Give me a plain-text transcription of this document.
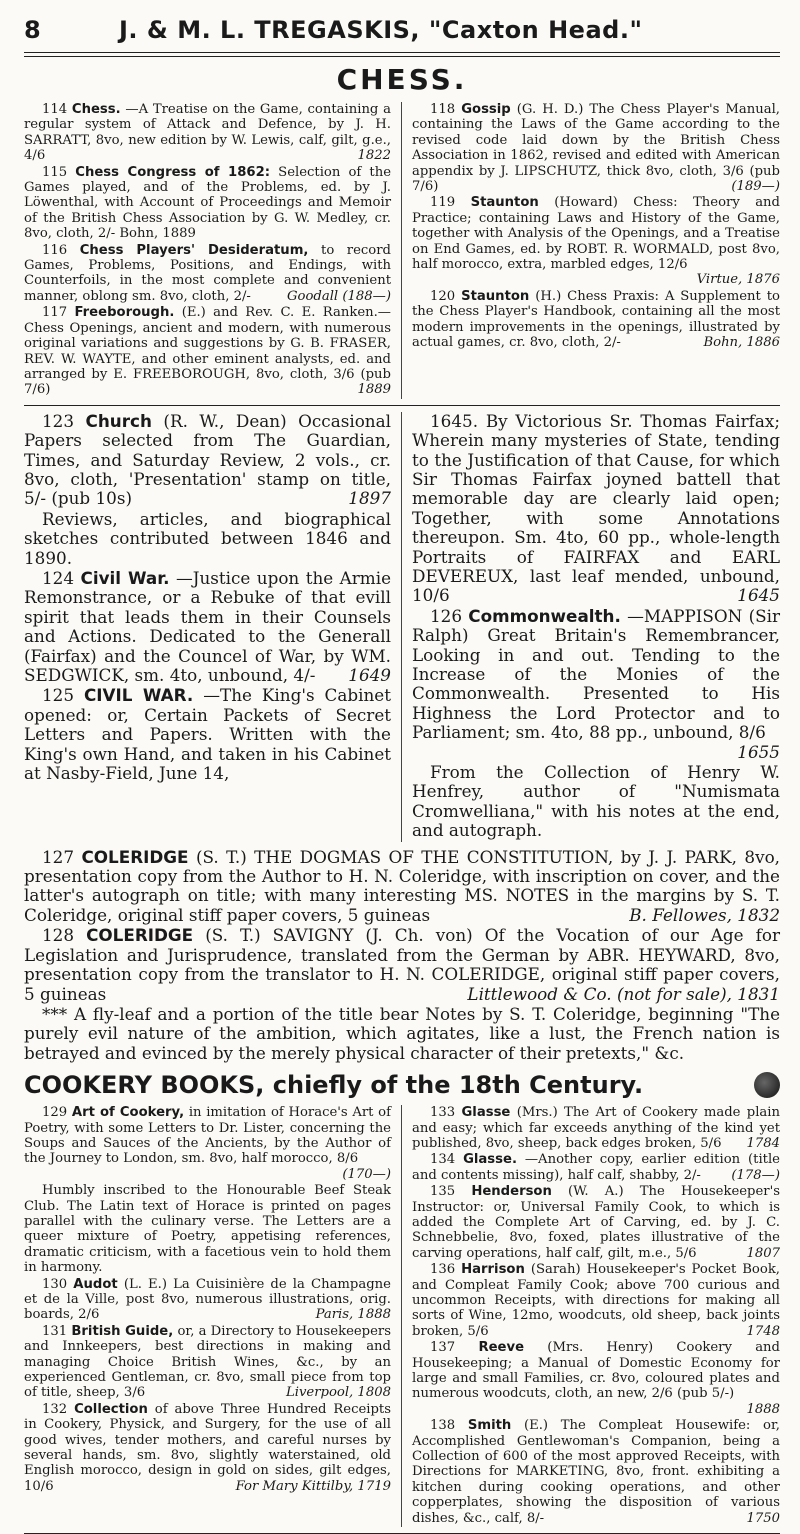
8	J. & M. L. TREGASKIS, "Caxton Head."
CHESS.

114 Chess. —A Treatise on the Game, containing a regular system of Attack and Defence, by J. H. SARRATT, 8vo, new edition by W. Lewis, calf, gilt, g.e., 4/6	1822

115 Chess Congress of 1862: Selection of the Games played, and of the Problems, ed. by J. Löwenthal, with Account of Proceedings and Memoir of the British Chess Association by G. W. Medley, cr. 8vo, cloth, 2/- Bohn, 1889

116 Chess Players' Desideratum, to record Games, Problems, Positions, and Endings, with Counterfoils, in the most complete and convenient manner, oblong sm. 8vo, cloth, 2/-	Goodall (188—)

117 Freeborough. (E.) and Rev. C. E. Ranken.—Chess Openings, ancient and modern, with numerous original variations and suggestions by G. B. FRASER, REV. W. WAYTE, and other eminent analysts, ed. and arranged by E. FREEBOROUGH, 8vo, cloth, 3/6 (pub 7/6)	1889

118 Gossip (G. H. D.) The Chess Player's Manual, containing the Laws of the Game according to the revised code laid down by the British Chess Association in 1862, revised and edited with American appendix by J. LIPSCHUTZ, thick 8vo, cloth, 3/6 (pub 7/6)	(189—)

119 Staunton (Howard) Chess: Theory and Practice; containing Laws and History of the Game, together with Analysis of the Openings, and a Treatise on End Games, ed. by ROBT. R. WORMALD, post 8vo, half morocco, extra, marbled edges, 12/6
Virtue, 1876

120 Staunton (H.) Chess Praxis: A Supplement to the Chess Player's Handbook, containing all the most modern improvements in the openings, illustrated by actual games, cr. 8vo, cloth, 2/-	Bohn, 1886

123 Church (R. W., Dean) Occasional Papers selected from The Guardian, Times, and Saturday Review, 2 vols., cr. 8vo, cloth, 'Presentation' stamp on title, 5/- (pub 10s)	1897

Reviews, articles, and biographical sketches contributed between 1846 and 1890.

124 Civil War. —Justice upon the Armie Remonstrance, or a Rebuke of that evill spirit that leads them in their Counsels and Actions. Dedicated to the Generall (Fairfax) and the Councel of War, by WM. SEDGWICK, sm. 4to, unbound, 4/-	1649

125 CIVIL WAR. —The King's Cabinet opened: or, Certain Packets of Secret Letters and Papers. Written with the King's own Hand, and taken in his Cabinet at Nasby-Field, June 14,

1645. By Victorious Sr. Thomas Fairfax; Wherein many mysteries of State, tending to the Justification of that Cause, for which Sir Thomas Fairfax joyned battell that memorable day are clearly laid open; Together, with some Annotations thereupon. Sm. 4to, 60 pp., whole-length Portraits of FAIRFAX and EARL DEVEREUX, last leaf mended, unbound, 10/6	1645

126 Commonwealth. —MAPPISON (Sir Ralph) Great Britain's Remembrancer, Looking in and out. Tending to the Increase of the Monies of the Commonwealth. Presented to His Highness the Lord Protector and to Parliament; sm. 4to, 88 pp., unbound, 8/6
1655

From the Collection of Henry W. Henfrey, author of "Numismata Cromwelliana," with his notes at the end, and autograph.

127 COLERIDGE (S. T.) THE DOGMAS OF THE CONSTITUTION, by J. J. PARK, 8vo, presentation copy from the Author to H. N. Coleridge, with inscription on cover, and the latter's autograph on title; with many interesting MS. NOTES in the margins by S. T. Coleridge, original stiff paper covers, 5 guineas	B. Fellowes, 1832

128 COLERIDGE (S. T.) SAVIGNY (J. Ch. von) Of the Vocation of our Age for Legislation and Jurisprudence, translated from the German by ABR. HEYWARD, 8vo, presentation copy from the translator to H. N. COLERIDGE, original stiff paper covers, 5 guineas	Littlewood & Co. (not for sale), 1831

*** A fly-leaf and a portion of the title bear Notes by S. T. Coleridge, beginning "The purely evil nature of the ambition, which agitates, like a lust, the French nation is betrayed and evinced by the merely physical character of their pretexts," &c.

COOKERY BOOKS, chiefly of the 18th Century.

129 Art of Cookery, in imitation of Horace's Art of Poetry, with some Letters to Dr. Lister, concerning the Soups and Sauces of the Ancients, by the Author of the Journey to London, sm. 8vo, half morocco, 8/6
(170—)

Humbly inscribed to the Honourable Beef Steak Club. The Latin text of Horace is printed on pages parallel with the culinary verse. The Letters are a queer mixture of Poetry, appetising references, dramatic criticism, with a facetious vein to hold them in harmony.

130 Audot (L. E.) La Cuisinière de la Champagne et de la Ville, post 8vo, numerous illustrations, orig. boards, 2/6	Paris, 1888

131 British Guide, or, a Directory to Housekeepers and Innkeepers, best directions in making and managing Choice British Wines, &c., by an experienced Gentleman, cr. 8vo, small piece from top of title, sheep, 3/6	Liverpool, 1808

132 Collection of above Three Hundred Receipts in Cookery, Physick, and Surgery, for the use of all good wives, tender mothers, and careful nurses by several hands, sm. 8vo, slightly waterstained, old English morocco, design in gold on sides, gilt edges, 10/6	For Mary Kittilby, 1719

133 Glasse (Mrs.) The Art of Cookery made plain and easy; which far exceeds anything of the kind yet published, 8vo, sheep, back edges broken, 5/6	1784

134 Glasse. —Another copy, earlier edition (title and contents missing), half calf, shabby, 2/-	(178—)

135 Henderson (W. A.) The Housekeeper's Instructor: or, Universal Family Cook, to which is added the Complete Art of Carving, ed. by J. C. Schnebbelie, 8vo, foxed, plates illustrative of the carving operations, half calf, gilt, m.e., 5/6	1807

136 Harrison (Sarah) Housekeeper's Pocket Book, and Compleat Family Cook; above 700 curious and uncommon Receipts, with directions for making all sorts of Wine, 12mo, woodcuts, old sheep, back joints broken, 5/6	1748

137 Reeve (Mrs. Henry) Cookery and Housekeeping; a Manual of Domestic Economy for large and small Families, cr. 8vo, coloured plates and numerous woodcuts, cloth, an new, 2/6 (pub 5/-)
1888

138 Smith (E.) The Compleat Housewife: or, Accomplished Gentlewoman's Companion, being a Collection of 600 of the most approved Receipts, with Directions for MARKETING, 8vo, front. exhibiting a kitchen during cooking operations, and other copperplates, showing the disposition of various dishes, &c., calf, 8/-	1750
